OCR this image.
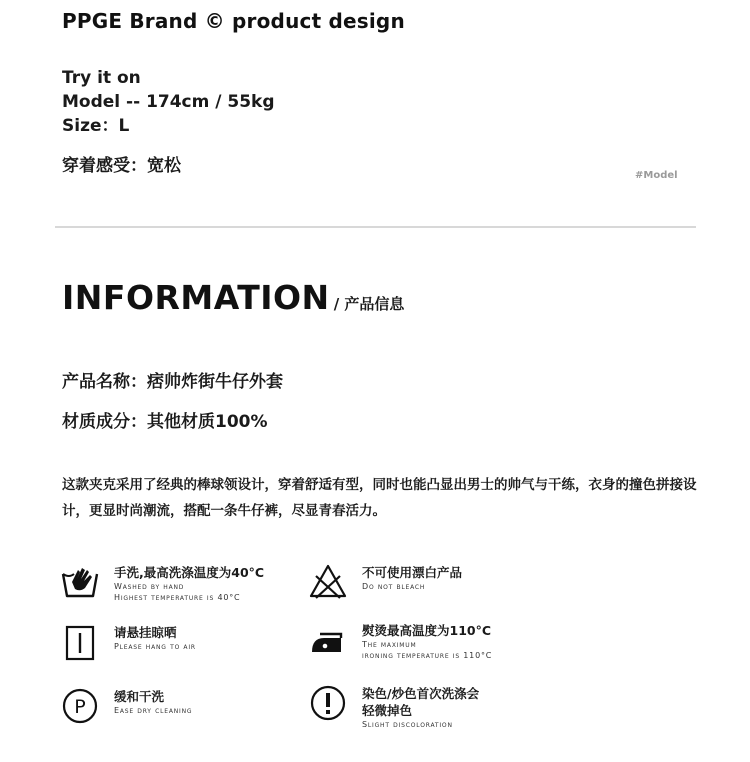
PPGE Brand © product design
Try it on
Model -- 174cm / 55kg
Size：L
穿着感受：宽松	#Model
INFORMATION / 产品信息
产品名称：痞帅炸街牛仔外套
材质成分：其他材质100%
这款夹克采用了经典的棒球领设计，穿着舒适有型，同时也能凸显出男士的帅气与干练，衣身的撞色拼接设计，更显时尚潮流，搭配一条牛仔裤，尽显青春活力。
手洗,最高洗涤温度为40°C
Washed by hand
Highest temperature is 40°C
不可使用漂白产品
Do not bleach
请悬挂晾晒
Please hang to air
熨烫最高温度为110°C
The maximum
ironing temperature is 110°C
P 缓和干洗
Ease dry cleaning
染色/炒色首次洗涤会
轻微掉色
Slight discoloration
